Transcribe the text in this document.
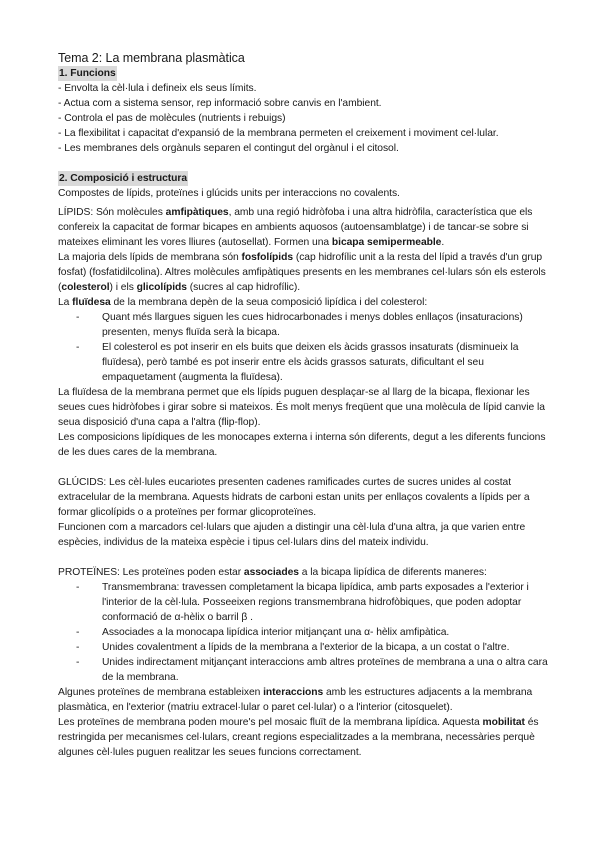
Tema 2: La membrana plasmàtica

1. Funcions
- Envolta la cèl·lula i defineix els seus límits.
- Actua com a sistema sensor, rep informació sobre canvis en l'ambient.
- Controla el pas de molècules (nutrients i rebuigs)
- La flexibilitat i capacitat d'expansió de la membrana permeten el creixement i moviment cel·lular.
- Les membranes dels orgànuls separen el contingut del orgànul i el citosol.
2. Composició i estructura

Compostes de lípids, proteïnes i glúcids units per interaccions no covalents.

LÍPIDS: Són molècules amfipàtiques, amb una regió hidròfoba i una altra hidròfila, característica que els confereix la capacitat de formar bicapes en ambients aquosos (autoensamblatge) i de tancar-se sobre si mateixes eliminant les vores lliures (autosellat). Formen una bicapa semipermeable.

La majoria dels lípids de membrana són fosfolípids (cap hidrofílic unit a la resta del lípid a través d'un grup fosfat) (fosfatidilcolina). Altres molècules amfipàtiques presents en les membranes cel·lulars són els esterols (colesterol) i els glicolípids (sucres al cap hidrofílic).

La fluïdesa de la membrana depèn de la seua composició lipídica i del colesterol:

- Quant més llargues siguen les cues hidrocarbonades i menys dobles enllaços (insaturacions) presenten, menys fluïda serà la bicapa.
- El colesterol es pot inserir en els buits que deixen els àcids grassos insaturats (disminueix la fluïdesa), però també es pot inserir entre els àcids grassos saturats, dificultant el seu empaquetament (augmenta la fluïdesa).

La fluïdesa de la membrana permet que els lípids puguen desplaçar-se al llarg de la bicapa, flexionar les seues cues hidròfobes i girar sobre si mateixos. És molt menys freqüent que una molècula de lípid canvie la seua disposició d'una capa a l'altra (flip-flop).

Les composicions lipídiques de les monocapes externa i interna són diferents, degut a les diferents funcions de les dues cares de la membrana.

GLÚCIDS: Les cèl·lules eucariotes presenten cadenes ramificades curtes de sucres unides al costat extracelular de la membrana. Aquests hidrats de carboni estan units per enllaços covalents a lípids per a formar glicolípids o a proteïnes per formar glicoproteïnes.

Funcionen com a marcadors cel·lulars que ajuden a distingir una cèl·lula d'una altra, ja que varien entre espècies, individus de la mateixa espècie i tipus cel·lulars dins del mateix individu.

PROTEÏNES: Les proteïnes poden estar associades a la bicapa lipídica de diferents maneres:

- Transmembrana: travessen completament la bicapa lipídica, amb parts exposades a l'exterior i l'interior de la cèl·lula. Posseeixen regions transmembrana hidrofòbiques, que poden adoptar conformació de α-hèlix o barril β .
- Associades a la monocapa lipídica interior mitjançant una α- hèlix amfipàtica.
- Unides covalentment a lípids de la membrana a l'exterior de la bicapa, a un costat o l'altre.
- Unides indirectament mitjançant interaccions amb altres proteïnes de membrana a una o altra cara de la membrana.

Algunes proteïnes de membrana estableixen interaccions amb les estructures adjacents a la membrana plasmàtica, en l'exterior (matriu extracel·lular o paret cel·lular) o a l'interior (citosquelet).

Les proteïnes de membrana poden moure's pel mosaic fluït de la membrana lipídica. Aquesta mobilitat és restringida per mecanismes cel·lulars, creant regions especialitzades a la membrana, necessàries perquè algunes cèl·lules puguen realitzar les seues funcions correctament.
